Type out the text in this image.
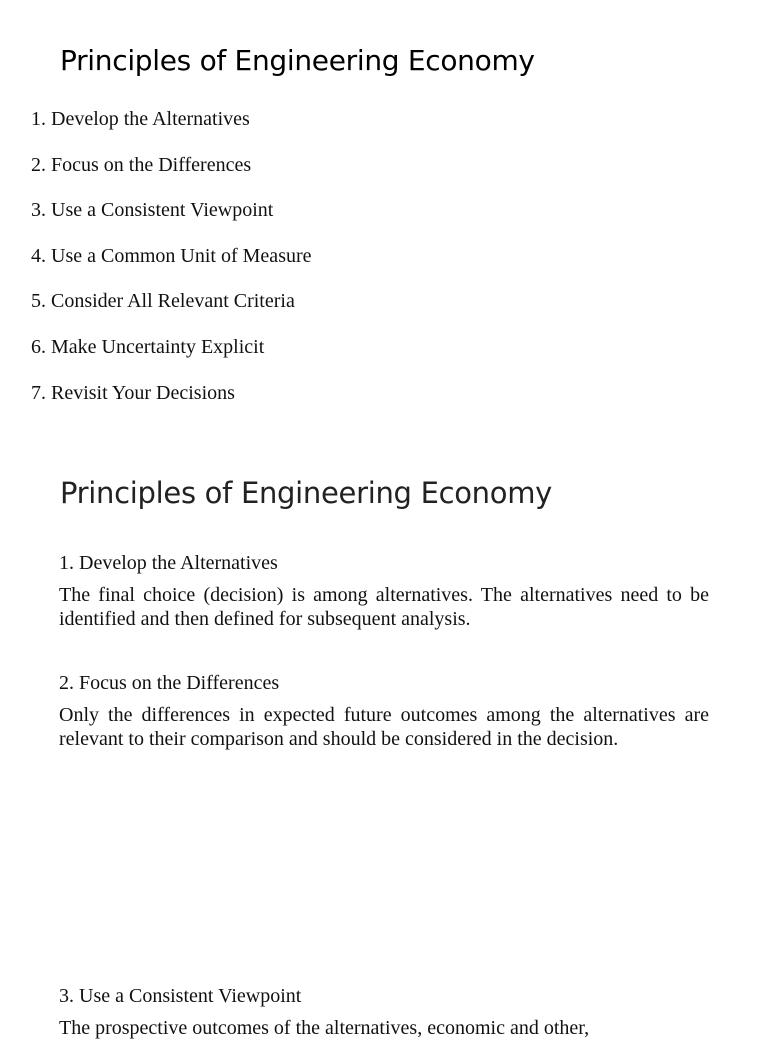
Principles of Engineering Economy
1. Develop the Alternatives
2. Focus on the Differences
3. Use a Consistent Viewpoint
4. Use a Common Unit of Measure
5. Consider All Relevant Criteria
6. Make Uncertainty Explicit
7. Revisit Your Decisions
Principles of Engineering Economy

1. Develop the Alternatives

The final choice (decision) is among alternatives. The alternatives need to be identified and then defined for subsequent analysis.

2. Focus on the Differences

Only the differences in expected future outcomes among the alternatives are relevant to their comparison and should be considered in the decision.

3. Use a Consistent Viewpoint

The prospective outcomes of the alternatives, economic and other,
